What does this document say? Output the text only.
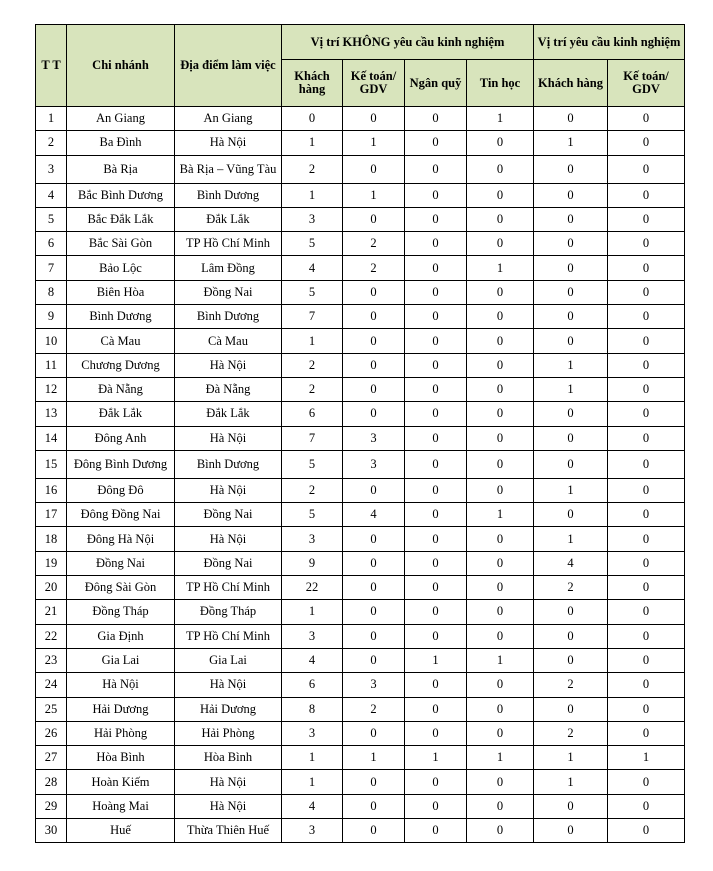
T T	Chi nhánh	Địa điểm làm việc	Vị trí KHÔNG yêu cầu kinh nghiệm				Vị trí yêu cầu kinh nghiệm	
			Khách hàng	Kế toán/ GDV	Ngân quỹ	Tin học	Khách hàng	Kế toán/ GDV
1	An Giang	An Giang	0	0	0	1	0	0
2	Ba Đình	Hà Nội	1	1	0	0	1	0
3	Bà Rịa	Bà Rịa – Vũng Tàu	2	0	0	0	0	0
4	Bắc Bình Dương	Bình Dương	1	1	0	0	0	0
5	Bắc Đắk Lắk	Đắk Lắk	3	0	0	0	0	0
6	Bắc Sài Gòn	TP Hồ Chí Minh	5	2	0	0	0	0
7	Bảo Lộc	Lâm Đồng	4	2	0	1	0	0
8	Biên Hòa	Đồng Nai	5	0	0	0	0	0
9	Bình Dương	Bình Dương	7	0	0	0	0	0
10	Cà Mau	Cà Mau	1	0	0	0	0	0
11	Chương Dương	Hà Nội	2	0	0	0	1	0
12	Đà Nẵng	Đà Nẵng	2	0	0	0	1	0
13	Đắk Lắk	Đắk Lắk	6	0	0	0	0	0
14	Đông Anh	Hà Nội	7	3	0	0	0	0
15	Đông Bình Dương	Bình Dương	5	3	0	0	0	0
16	Đông Đô	Hà Nội	2	0	0	0	1	0
17	Đông Đồng Nai	Đồng Nai	5	4	0	1	0	0
18	Đông Hà Nội	Hà Nội	3	0	0	0	1	0
19	Đồng Nai	Đồng Nai	9	0	0	0	4	0
20	Đông Sài Gòn	TP Hồ Chí Minh	22	0	0	0	2	0
21	Đồng Tháp	Đồng Tháp	1	0	0	0	0	0
22	Gia Định	TP Hồ Chí Minh	3	0	0	0	0	0
23	Gia Lai	Gia Lai	4	0	1	1	0	0
24	Hà Nội	Hà Nội	6	3	0	0	2	0
25	Hải Dương	Hải Dương	8	2	0	0	0	0
26	Hải Phòng	Hải Phòng	3	0	0	0	2	0
27	Hòa Bình	Hòa Bình	1	1	1	1	1	1
28	Hoàn Kiếm	Hà Nội	1	0	0	0	1	0
29	Hoàng Mai	Hà Nội	4	0	0	0	0	0
30	Huế	Thừa Thiên Huế	3	0	0	0	0	0
